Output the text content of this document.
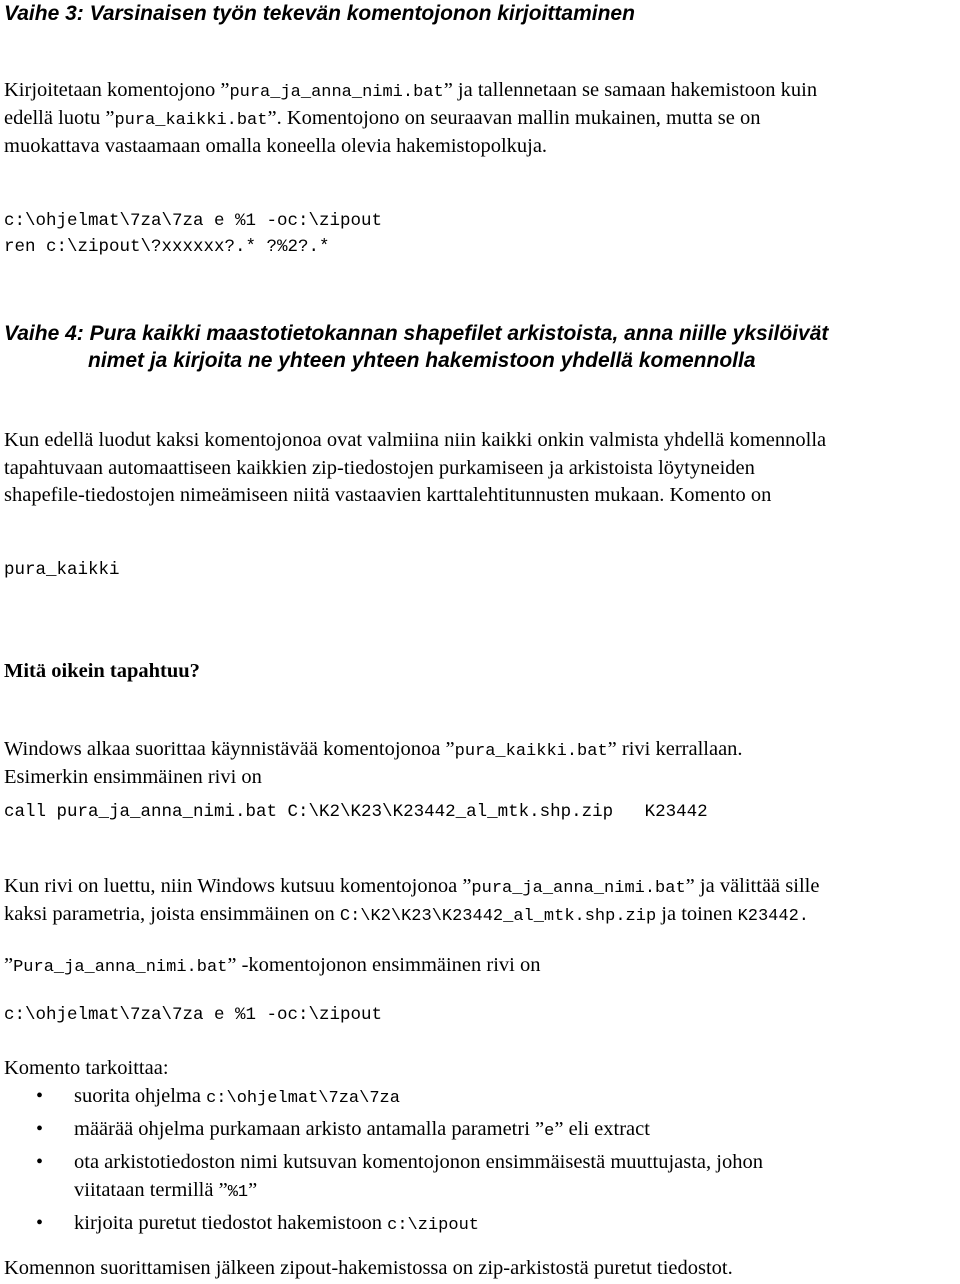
Vaihe 3: Varsinaisen työn tekevän komentojonon kirjoittaminen
Kirjoitetaan komentojono ”pura_ja_anna_nimi.bat” ja tallennetaan se samaan hakemistoon kuin
edellä luotu ”pura_kaikki.bat”. Komentojono on seuraavan mallin mukainen, mutta se on
muokattava vastaamaan omalla koneella olevia hakemistopolkuja.
c:\ohjelmat\7za\7za e %1 -oc:\zipout
ren c:\zipout\?xxxxxx?.* ?%2?.*
Vaihe 4: Pura kaikki maastotietokannan shapefilet arkistoista, anna niille yksilöivät
nimet ja kirjoita ne yhteen yhteen hakemistoon yhdellä komennolla
Kun edellä luodut kaksi komentojonoa ovat valmiina niin kaikki onkin valmista yhdellä komennolla
tapahtuvaan automaattiseen kaikkien zip-tiedostojen purkamiseen ja arkistoista löytyneiden
shapefile-tiedostojen nimeämiseen niitä vastaavien karttalehtitunnusten mukaan. Komento on
pura_kaikki
Mitä oikein tapahtuu?
Windows alkaa suorittaa käynnistävää komentojonoa ”pura_kaikki.bat” rivi kerrallaan.
Esimerkin ensimmäinen rivi on
call pura_ja_anna_nimi.bat C:\K2\K23\K23442_al_mtk.shp.zip   K23442
Kun rivi on luettu, niin Windows kutsuu komentojonoa ”pura_ja_anna_nimi.bat” ja välittää sille
kaksi parametria, joista ensimmäinen on C:\K2\K23\K23442_al_mtk.shp.zip ja toinen K23442.
”Pura_ja_anna_nimi.bat” -komentojonon ensimmäinen rivi on
c:\ohjelmat\7za\7za e %1 -oc:\zipout
Komento tarkoittaa:
• suorita ohjelma c:\ohjelmat\7za\7za
• määrää ohjelma purkamaan arkisto antamalla parametri ”e” eli extract
• ota arkistotiedoston nimi kutsuvan komentojonon ensimmäisestä muuttujasta, johon
viitataan termillä ”%1”
• kirjoita puretut tiedostot hakemistoon c:\zipout
Komennon suorittamisen jälkeen zipout-hakemistossa on zip-arkistostä puretut tiedostot.
